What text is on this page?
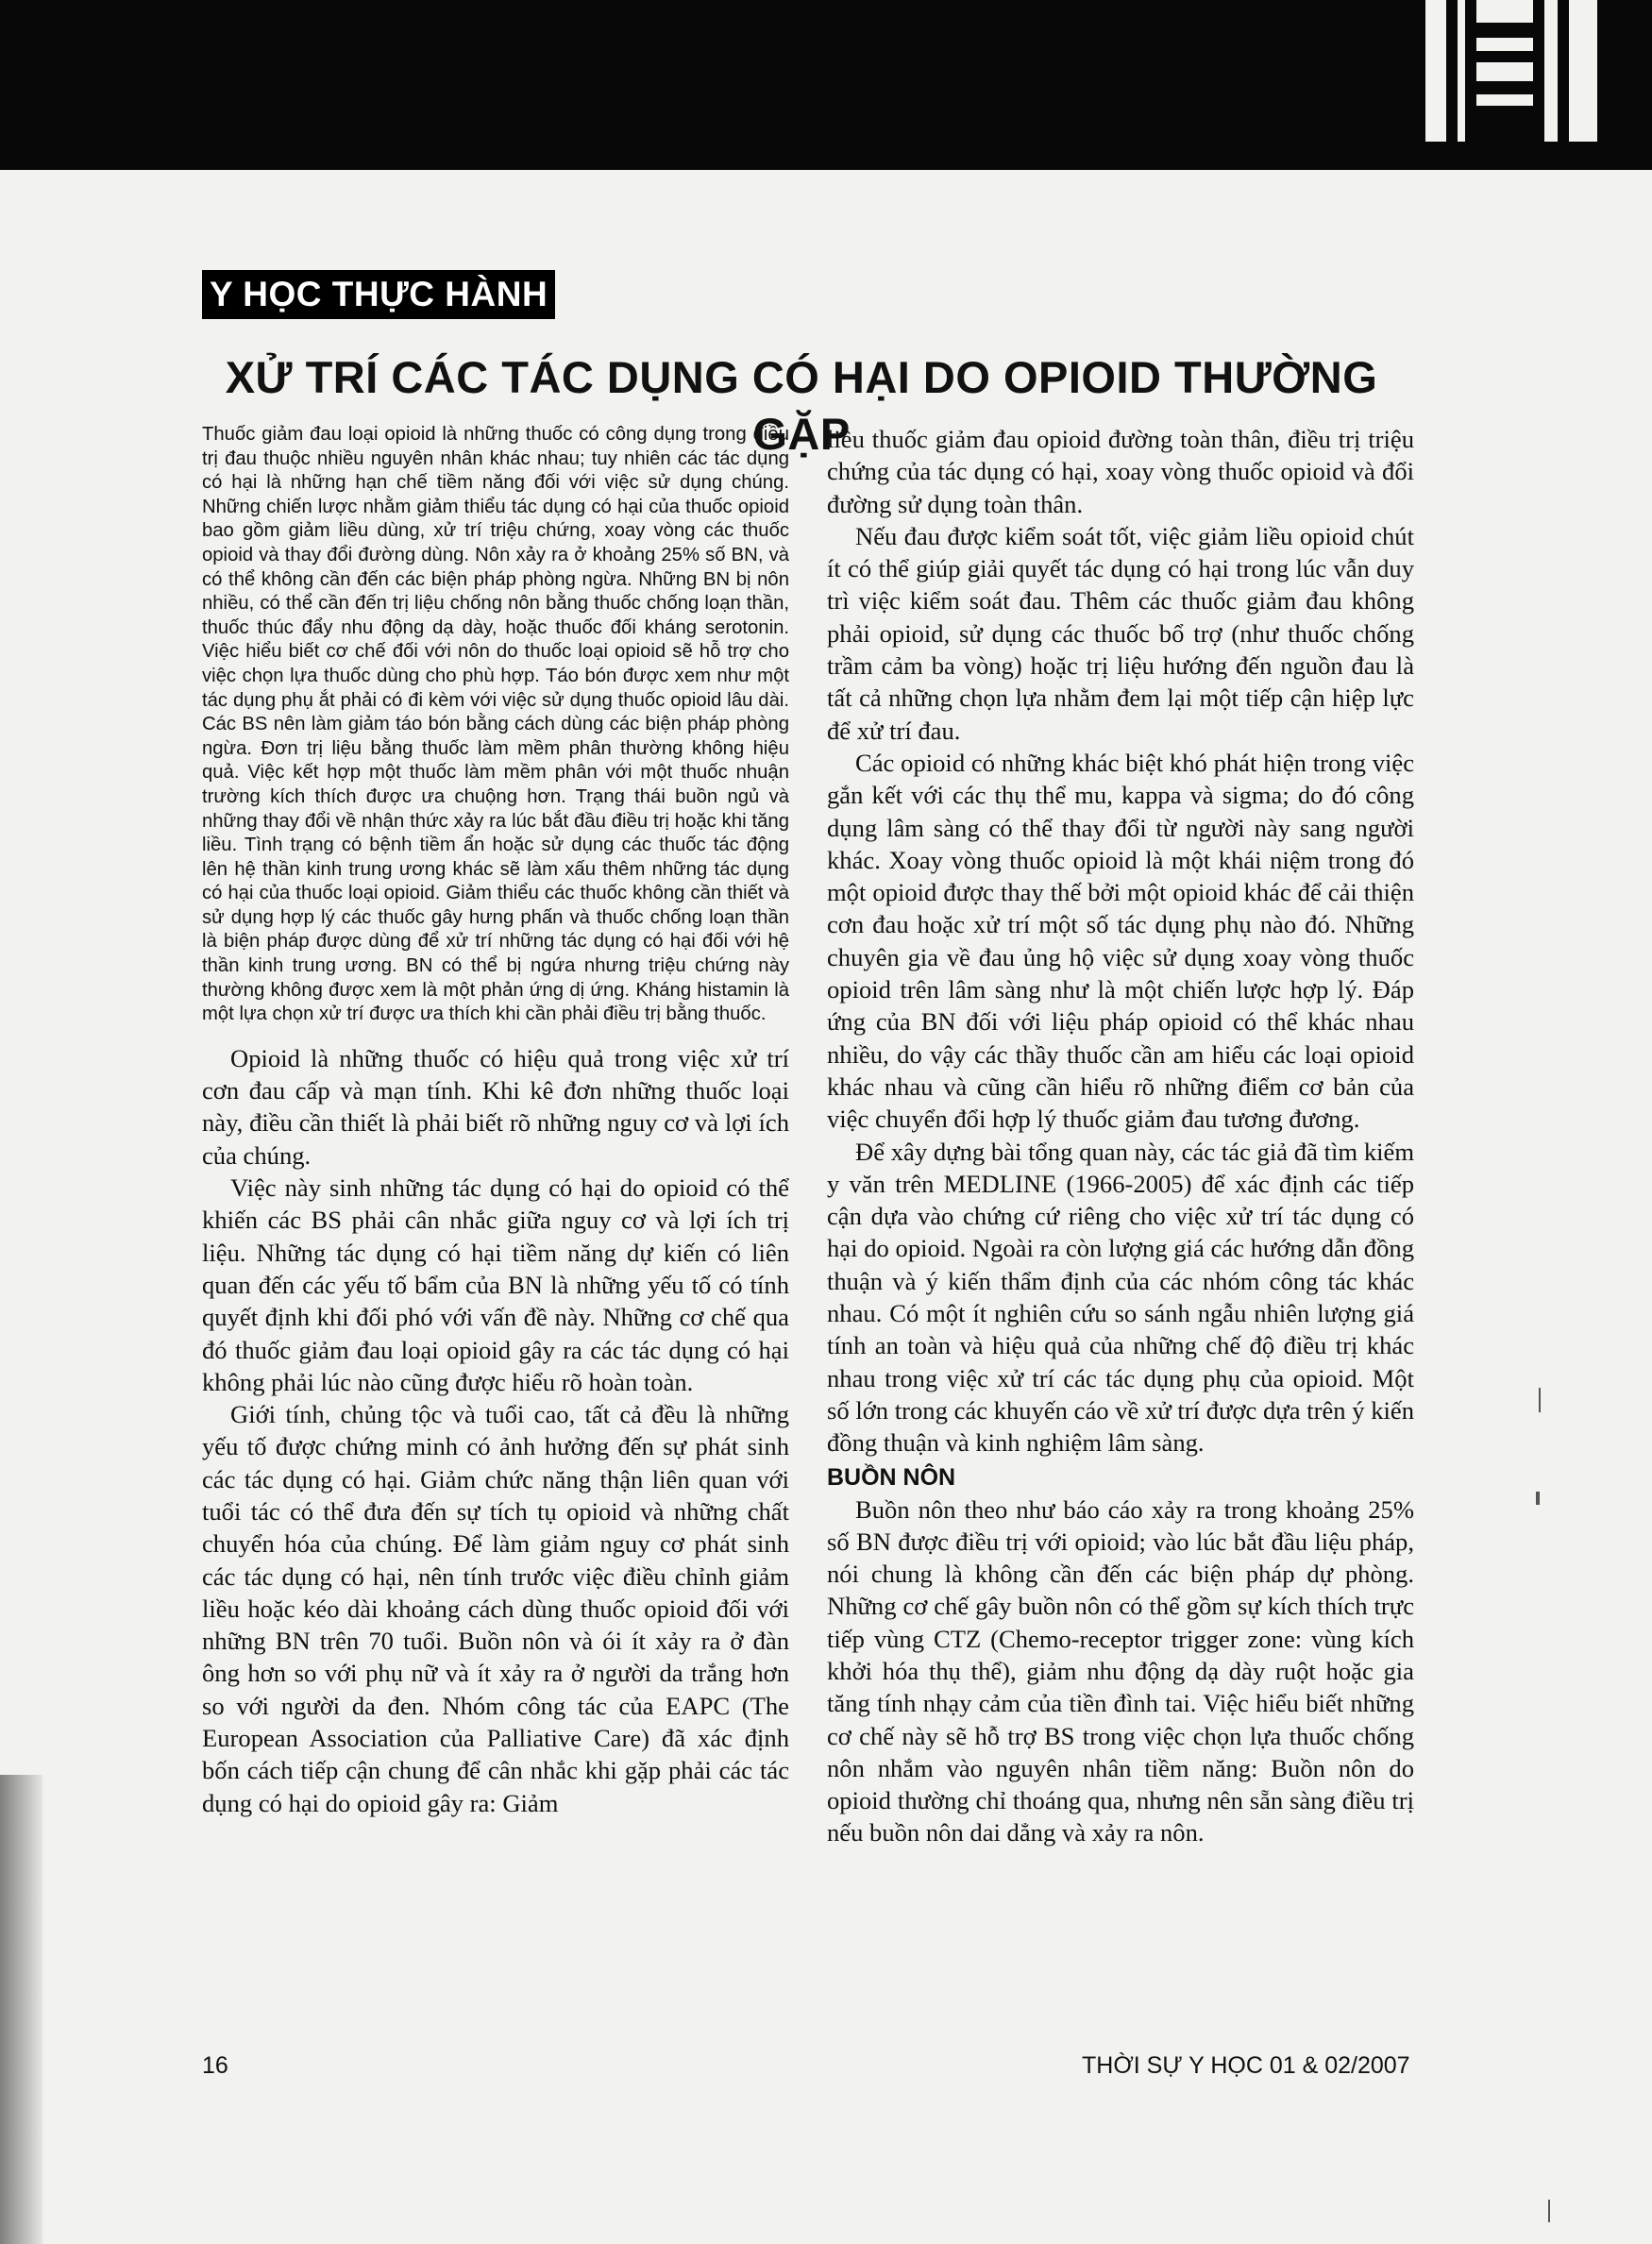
Y HỌC THỰC HÀNH
XỬ TRÍ CÁC TÁC DỤNG CÓ HẠI DO OPIOID THƯỜNG GẶP

Thuốc giảm đau loại opioid là những thuốc có công dụng trong điều trị đau thuộc nhiều nguyên nhân khác nhau; tuy nhiên các tác dụng có hại là những hạn chế tiềm năng đối với việc sử dụng chúng. Những chiến lược nhằm giảm thiểu tác dụng có hại của thuốc opioid bao gồm giảm liều dùng, xử trí triệu chứng, xoay vòng các thuốc opioid và thay đổi đường dùng. Nôn xảy ra ở khoảng 25% số BN, và có thể không cần đến các biện pháp phòng ngừa. Những BN bị nôn nhiều, có thể cần đến trị liệu chống nôn bằng thuốc chống loạn thần, thuốc thúc đẩy nhu động dạ dày, hoặc thuốc đối kháng serotonin. Việc hiểu biết cơ chế đối với nôn do thuốc loại opioid sẽ hỗ trợ cho việc chọn lựa thuốc dùng cho phù hợp. Táo bón được xem như một tác dụng phụ ắt phải có đi kèm với việc sử dụng thuốc opioid lâu dài. Các BS nên làm giảm táo bón bằng cách dùng các biện pháp phòng ngừa. Đơn trị liệu bằng thuốc làm mềm phân thường không hiệu quả. Việc kết hợp một thuốc làm mềm phân với một thuốc nhuận trường kích thích được ưa chuộng hơn. Trạng thái buồn ngủ và những thay đổi về nhận thức xảy ra lúc bắt đầu điều trị hoặc khi tăng liều. Tình trạng có bệnh tiềm ẩn hoặc sử dụng các thuốc tác động lên hệ thần kinh trung ương khác sẽ làm xấu thêm những tác dụng có hại của thuốc loại opioid. Giảm thiểu các thuốc không cần thiết và sử dụng hợp lý các thuốc gây hưng phấn và thuốc chống loạn thần là biện pháp được dùng để xử trí những tác dụng có hại đối với hệ thần kinh trung ương. BN có thể bị ngứa nhưng triệu chứng này thường không được xem là một phản ứng dị ứng. Kháng histamin là một lựa chọn xử trí được ưa thích khi cần phải điều trị bằng thuốc.

Opioid là những thuốc có hiệu quả trong việc xử trí cơn đau cấp và mạn tính. Khi kê đơn những thuốc loại này, điều cần thiết là phải biết rõ những nguy cơ và lợi ích của chúng.

Việc này sinh những tác dụng có hại do opioid có thể khiến các BS phải cân nhắc giữa nguy cơ và lợi ích trị liệu. Những tác dụng có hại tiềm năng dự kiến có liên quan đến các yếu tố bẩm của BN là những yếu tố có tính quyết định khi đối phó với vấn đề này. Những cơ chế qua đó thuốc giảm đau loại opioid gây ra các tác dụng có hại không phải lúc nào cũng được hiểu rõ hoàn toàn.

Giới tính, chủng tộc và tuổi cao, tất cả đều là những yếu tố được chứng minh có ảnh hưởng đến sự phát sinh các tác dụng có hại. Giảm chức năng thận liên quan với tuổi tác có thể đưa đến sự tích tụ opioid và những chất chuyển hóa của chúng. Để làm giảm nguy cơ phát sinh các tác dụng có hại, nên tính trước việc điều chỉnh giảm liều hoặc kéo dài khoảng cách dùng thuốc opioid đối với những BN trên 70 tuổi. Buồn nôn và ói ít xảy ra ở đàn ông hơn so với phụ nữ và ít xảy ra ở người da trắng hơn so với người da đen. Nhóm công tác của EAPC (The European Association của Palliative Care) đã xác định bốn cách tiếp cận chung để cân nhắc khi gặp phải các tác dụng có hại do opioid gây ra: Giảm

liều thuốc giảm đau opioid đường toàn thân, điều trị triệu chứng của tác dụng có hại, xoay vòng thuốc opioid và đổi đường sử dụng toàn thân.

Nếu đau được kiểm soát tốt, việc giảm liều opioid chút ít có thể giúp giải quyết tác dụng có hại trong lúc vẫn duy trì việc kiểm soát đau. Thêm các thuốc giảm đau không phải opioid, sử dụng các thuốc bổ trợ (như thuốc chống trầm cảm ba vòng) hoặc trị liệu hướng đến nguồn đau là tất cả những chọn lựa nhằm đem lại một tiếp cận hiệp lực để xử trí đau.

Các opioid có những khác biệt khó phát hiện trong việc gắn kết với các thụ thể mu, kappa và sigma; do đó công dụng lâm sàng có thể thay đổi từ người này sang người khác. Xoay vòng thuốc opioid là một khái niệm trong đó một opioid được thay thế bởi một opioid khác để cải thiện cơn đau hoặc xử trí một số tác dụng phụ nào đó. Những chuyên gia về đau ủng hộ việc sử dụng xoay vòng thuốc opioid trên lâm sàng như là một chiến lược hợp lý. Đáp ứng của BN đối với liệu pháp opioid có thể khác nhau nhiều, do vậy các thầy thuốc cần am hiểu các loại opioid khác nhau và cũng cần hiểu rõ những điểm cơ bản của việc chuyển đổi hợp lý thuốc giảm đau tương đương.

Để xây dựng bài tổng quan này, các tác giả đã tìm kiếm y văn trên MEDLINE (1966-2005) để xác định các tiếp cận dựa vào chứng cứ riêng cho việc xử trí tác dụng có hại do opioid. Ngoài ra còn lượng giá các hướng dẫn đồng thuận và ý kiến thẩm định của các nhóm công tác khác nhau. Có một ít nghiên cứu so sánh ngẫu nhiên lượng giá tính an toàn và hiệu quả của những chế độ điều trị khác nhau trong việc xử trí các tác dụng phụ của opioid. Một số lớn trong các khuyến cáo về xử trí được dựa trên ý kiến đồng thuận và kinh nghiệm lâm sàng.

BUỒN NÔN

Buồn nôn theo như báo cáo xảy ra trong khoảng 25% số BN được điều trị với opioid; vào lúc bắt đầu liệu pháp, nói chung là không cần đến các biện pháp dự phòng. Những cơ chế gây buồn nôn có thể gồm sự kích thích trực tiếp vùng CTZ (Chemo-receptor trigger zone: vùng kích khởi hóa thụ thể), giảm nhu động dạ dày ruột hoặc gia tăng tính nhạy cảm của tiền đình tai. Việc hiểu biết những cơ chế này sẽ hỗ trợ BS trong việc chọn lựa thuốc chống nôn nhắm vào nguyên nhân tiềm năng: Buồn nôn do opioid thường chỉ thoáng qua, nhưng nên sẵn sàng điều trị nếu buồn nôn dai dẳng và xảy ra nôn.

16	THỜI SỰ Y HỌC 01 & 02/2007
